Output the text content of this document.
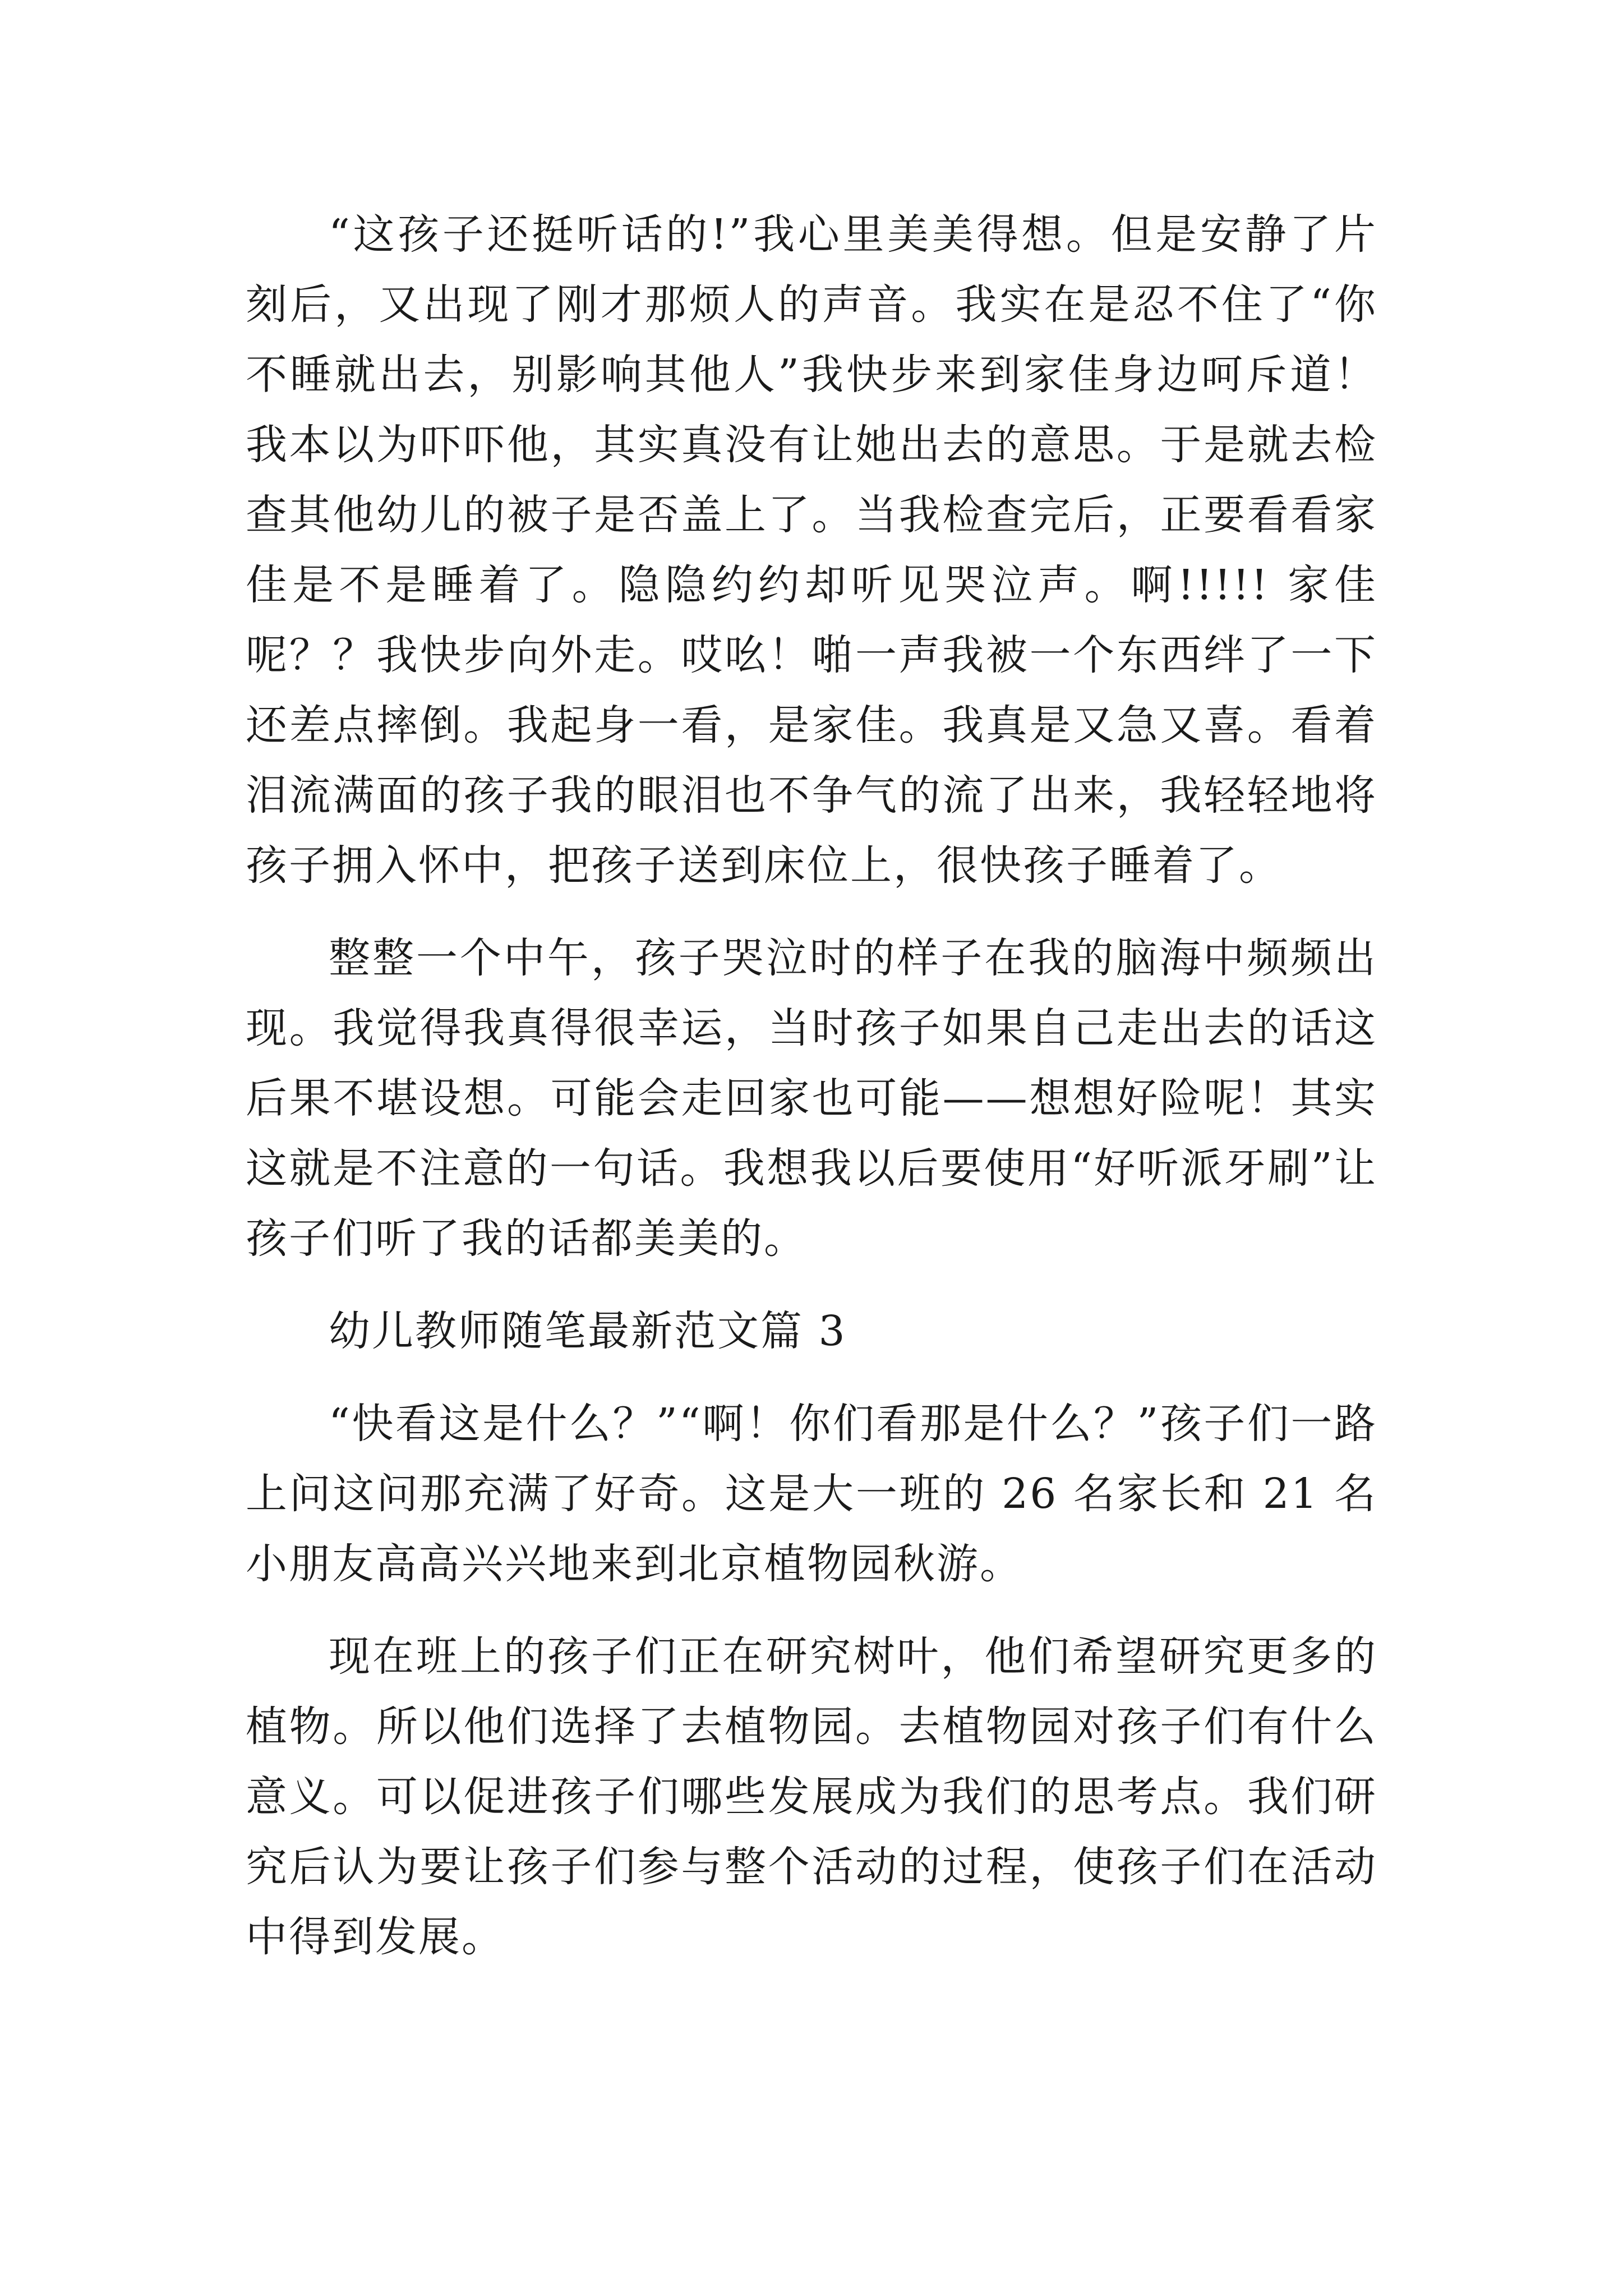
“这孩子还挺听话的!”我心里美美得想。但是安静了片刻后，又出现了刚才那烦人的声音。我实在是忍不住了“你不睡就出去，别影响其他人”我快步来到家佳身边呵斥道！我本以为吓吓他，其实真没有让她出去的意思。于是就去检查其他幼儿的被子是否盖上了。当我检查完后，正要看看家佳是不是睡着了。隐隐约约却听见哭泣声。啊!!!!! 家佳呢？？我快步向外走。哎吆！啪一声我被一个东西绊了一下还差点摔倒。我起身一看，是家佳。我真是又急又喜。看着泪流满面的孩子我的眼泪也不争气的流了出来，我轻轻地将孩子拥入怀中，把孩子送到床位上，很快孩子睡着了。

整整一个中午，孩子哭泣时的样子在我的脑海中频频出现。我觉得我真得很幸运，当时孩子如果自己走出去的话这后果不堪设想。可能会走回家也可能——想想好险呢！其实这就是不注意的一句话。我想我以后要使用“好听派牙刷”让孩子们听了我的话都美美的。

幼儿教师随笔最新范文篇 3

“快看这是什么？”“啊！你们看那是什么？”孩子们一路上问这问那充满了好奇。这是大一班的 26 名家长和 21 名小朋友高高兴兴地来到北京植物园秋游。

现在班上的孩子们正在研究树叶，他们希望研究更多的植物。所以他们选择了去植物园。去植物园对孩子们有什么意义。可以促进孩子们哪些发展成为我们的思考点。我们研究后认为要让孩子们参与整个活动的过程，使孩子们在活动中得到发展。
